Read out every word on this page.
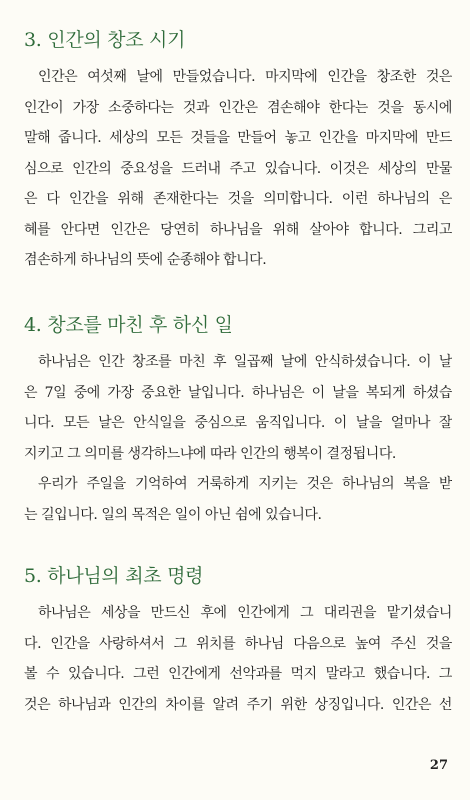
3. 인간의 창조 시기
인간은 여섯째 날에 만들었습니다. 마지막에 인간을 창조한 것은
인간이 가장 소중하다는 것과 인간은 겸손해야 한다는 것을 동시에
말해 줍니다. 세상의 모든 것들을 만들어 놓고 인간을 마지막에 만드
심으로 인간의 중요성을 드러내 주고 있습니다. 이것은 세상의 만물
은 다 인간을 위해 존재한다는 것을 의미합니다. 이런 하나님의 은
혜를 안다면 인간은 당연히 하나님을 위해 살아야 합니다. 그리고
겸손하게 하나님의 뜻에 순종해야 합니다.
4. 창조를 마친 후 하신 일
하나님은 인간 창조를 마친 후 일곱째 날에 안식하셨습니다. 이 날
은 7일 중에 가장 중요한 날입니다. 하나님은 이 날을 복되게 하셨습
니다. 모든 날은 안식일을 중심으로 움직입니다. 이 날을 얼마나 잘
지키고 그 의미를 생각하느냐에 따라 인간의 행복이 결정됩니다.
우리가 주일을 기억하여 거룩하게 지키는 것은 하나님의 복을 받
는 길입니다. 일의 목적은 일이 아닌 쉼에 있습니다.
5. 하나님의 최초 명령
하나님은 세상을 만드신 후에 인간에게 그 대리권을 맡기셨습니
다. 인간을 사랑하셔서 그 위치를 하나님 다음으로 높여 주신 것을
볼 수 있습니다. 그런 인간에게 선악과를 먹지 말라고 했습니다. 그
것은 하나님과 인간의 차이를 알려 주기 위한 상징입니다. 인간은 선
27
